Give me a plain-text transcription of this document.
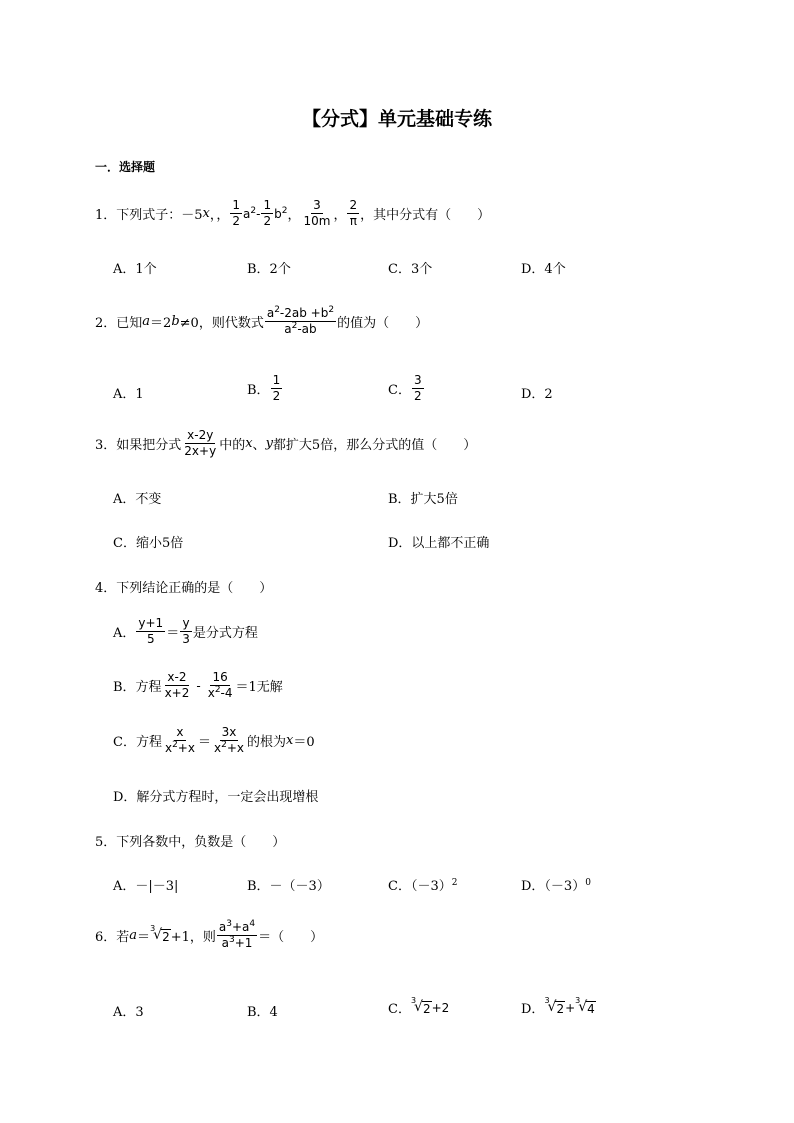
【分式】单元基础专练
一．选择题
1．下列式子：－5 x ，， $\frac{1}{2} a^2 - \frac{1}{2} b^2$ ， $\frac{3}{10m}$ ， $\frac{2}{\pi}$ ，其中分式有（　　）
A．1个	B．2个	C．3个	D．4个
2．已知 a ＝2 b ≠0，则代数式 $\frac{a^2-2ab +b^2}{a^2-ab}$ 的值为（　　）
A．1	B． $\frac{1}{2}$	C． $\frac{3}{2}$	D．2
3．如果把分式 $\frac{x-2y}{2x+y}$ 中的 x 、 y 都扩大5倍，那么分式的值（　　）
A．不变	B．扩大5倍
C．缩小5倍	D．以上都不正确
4．下列结论正确的是（　　）
A． $\frac{y+1}{5} = \frac{y}{3}$ 是分式方程
B．方程 $\frac{x-2}{x+2} - \frac{16}{x^2-4} =1$无解
C．方程 $\frac{x}{x^2+x} = \frac{3x}{x^2+x}$ 的根为 x ＝0
D．解分式方程时，一定会出现增根
5．下列各数中，负数是（　　）
A．－|－3|	B．－（－3）	C．$(-3)^2$	D．$(-3)^0$
6．若 a ＝
3
√ 2 +1，则 $\frac{a^3+a^4}{a^3+1}$ ＝（　　）
A．3	B．4	C．
3
√ 2 +2	D．
3
√ 2 + 3
√ 4
